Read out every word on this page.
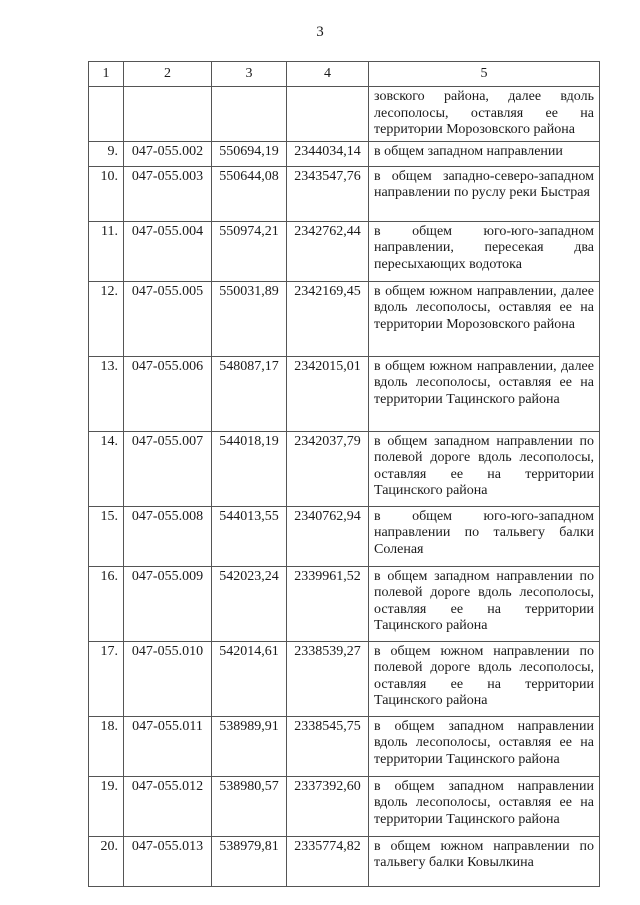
3
1	2	3	4	5
				зовского района, далее вдоль лесополосы, оставляя ее на территории Морозовского района
9.	047-055.002	550694,19	2344034,14	в общем западном направлении
10.	047-055.003	550644,08	2343547,76	в общем западно-северо-западном направлении по руслу реки Быстрая
11.	047-055.004	550974,21	2342762,44	в общем юго-юго-западном направлении, пересекая два пересыхающих водотока
12.	047-055.005	550031,89	2342169,45	в общем южном направлении, далее вдоль лесополосы, оставляя ее на территории Морозовского района
13.	047-055.006	548087,17	2342015,01	в общем южном направлении, далее вдоль лесополосы, оставляя ее на территории Тацинского района
14.	047-055.007	544018,19	2342037,79	в общем западном направлении по полевой дороге вдоль лесополосы, оставляя ее на территории Тацинского района
15.	047-055.008	544013,55	2340762,94	в общем юго-юго-западном направлении по тальвегу балки Соленая
16.	047-055.009	542023,24	2339961,52	в общем западном направлении по полевой дороге вдоль лесополосы, оставляя ее на территории Тацинского района
17.	047-055.010	542014,61	2338539,27	в общем южном направлении по полевой дороге вдоль лесополосы, оставляя ее на территории Тацинского района
18.	047-055.011	538989,91	2338545,75	в общем западном направлении вдоль лесополосы, оставляя ее на территории Тацинского района
19.	047-055.012	538980,57	2337392,60	в общем западном направлении вдоль лесополосы, оставляя ее на территории Тацинского района
20.	047-055.013	538979,81	2335774,82	в общем южном направлении по тальвегу балки Ковылкина
